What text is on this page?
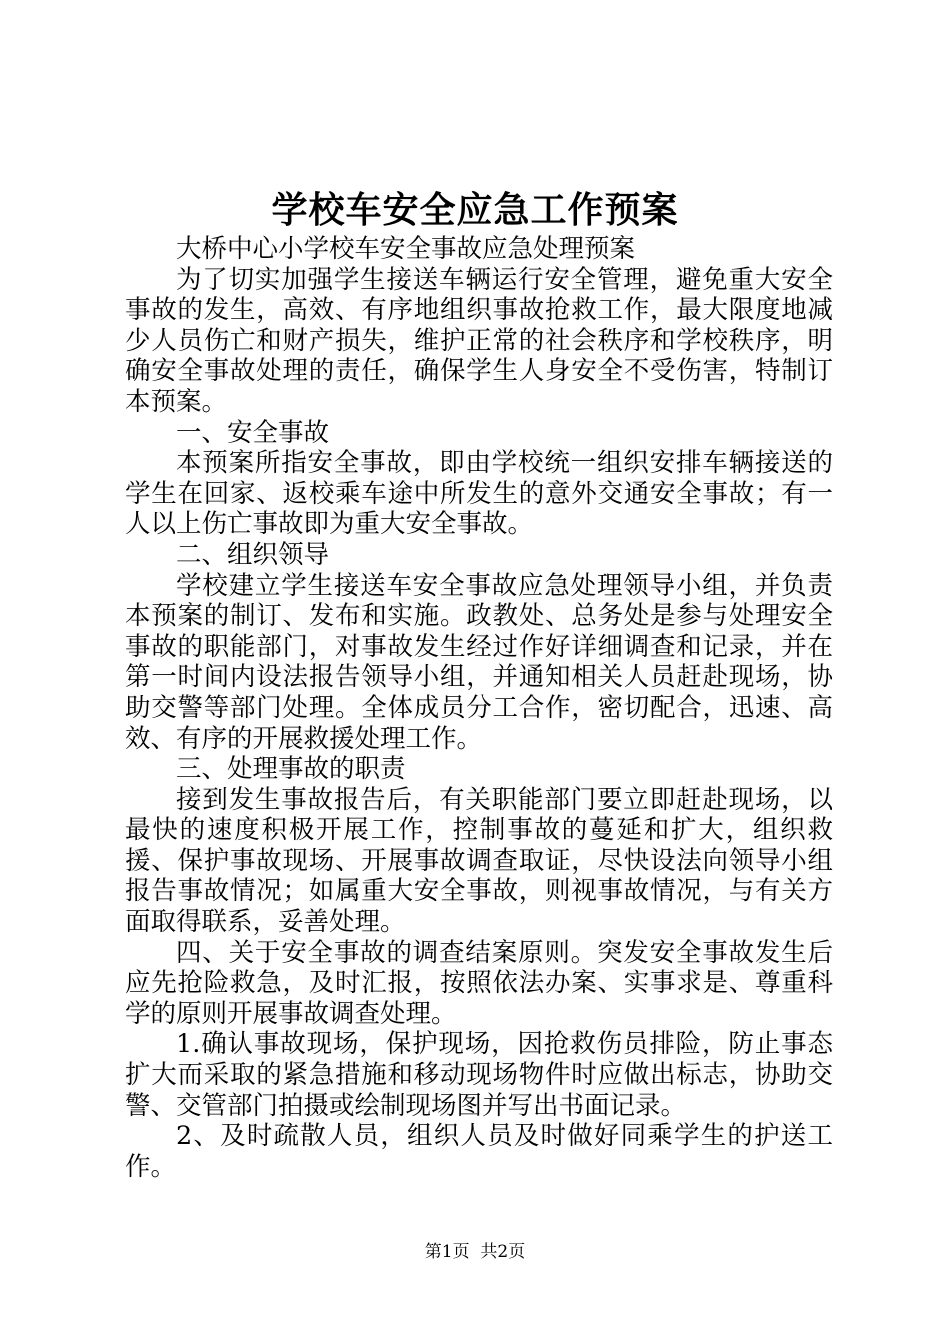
学校车安全应急工作预案

大桥中心小学校车安全事故应急处理预案

为了切实加强学生接送车辆运行安全管理，避免重大安全事故的发生，高效、有序地组织事故抢救工作，最大限度地减少人员伤亡和财产损失，维护正常的社会秩序和学校秩序，明确安全事故处理的责任，确保学生人身安全不受伤害，特制订本预案。

一、安全事故

本预案所指安全事故，即由学校统一组织安排车辆接送的学生在回家、返校乘车途中所发生的意外交通安全事故；有一人以上伤亡事故即为重大安全事故。

二、组织领导

学校建立学生接送车安全事故应急处理领导小组，并负责本预案的制订、发布和实施。政教处、总务处是参与处理安全事故的职能部门，对事故发生经过作好详细调查和记录，并在第一时间内设法报告领导小组，并通知相关人员赶赴现场，协助交警等部门处理。全体成员分工合作，密切配合，迅速、高效、有序的开展救援处理工作。

三、处理事故的职责

接到发生事故报告后，有关职能部门要立即赶赴现场，以最快的速度积极开展工作，控制事故的蔓延和扩大，组织救援、保护事故现场、开展事故调查取证，尽快设法向领导小组报告事故情况；如属重大安全事故，则视事故情况，与有关方面取得联系，妥善处理。

四、关于安全事故的调查结案原则。突发安全事故发生后应先抢险救急，及时汇报，按照依法办案、实事求是、尊重科学的原则开展事故调查处理。

1.确认事故现场，保护现场，因抢救伤员排险，防止事态扩大而采取的紧急措施和移动现场物件时应做出标志，协助交警、交管部门拍摄或绘制现场图并写出书面记录。

2、及时疏散人员，组织人员及时做好同乘学生的护送工作。

第1页 共2页
